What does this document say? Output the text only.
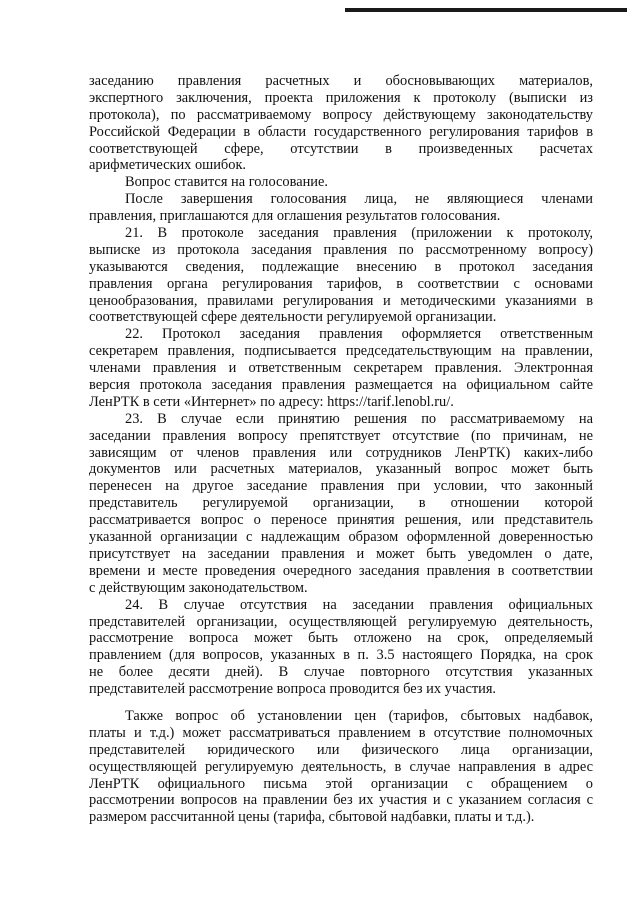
заседанию правления расчетных и обосновывающих материалов,
экспертного заключения, проекта приложения к протоколу (выписки из
протокола), по рассматриваемому вопросу действующему законодательству
Российской Федерации в области государственного регулирования тарифов в
соответствующей сфере, отсутствии в произведенных расчетах
арифметических ошибок.
Вопрос ставится на голосование.
После завершения голосования лица, не являющиеся членами
правления, приглашаются для оглашения результатов голосования.
21. В протоколе заседания правления (приложении к протоколу,
выписке из протокола заседания правления по рассмотренному вопросу)
указываются сведения, подлежащие внесению в протокол заседания
правления органа регулирования тарифов, в соответствии с основами
ценообразования, правилами регулирования и методическими указаниями в
соответствующей сфере деятельности регулируемой организации.
22. Протокол заседания правления оформляется ответственным
секретарем правления, подписывается председательствующим на правлении,
членами правления и ответственным секретарем правления. Электронная
версия протокола заседания правления размещается на официальном сайте
ЛенРТК в сети «Интернет» по адресу: https://tarif.lenobl.ru/.
23. В случае если принятию решения по рассматриваемому на
заседании правления вопросу препятствует отсутствие (по причинам, не
зависящим от членов правления или сотрудников ЛенРТК) каких-либо
документов или расчетных материалов, указанный вопрос может быть
перенесен на другое заседание правления при условии, что законный
представитель регулируемой организации, в отношении которой
рассматривается вопрос о переносе принятия решения, или представитель
указанной организации с надлежащим образом оформленной доверенностью
присутствует на заседании правления и может быть уведомлен о дате,
времени и месте проведения очередного заседания правления в соответствии
с действующим законодательством.
24. В случае отсутствия на заседании правления официальных
представителей организации, осуществляющей регулируемую деятельность,
рассмотрение вопроса может быть отложено на срок, определяемый
правлением (для вопросов, указанных в п. 3.5 настоящего Порядка, на срок
не более десяти дней). В случае повторного отсутствия указанных
представителей рассмотрение вопроса проводится без их участия.
Также вопрос об установлении цен (тарифов, сбытовых надбавок,
платы и т.д.) может рассматриваться правлением в отсутствие полномочных
представителей юридического или физического лица организации,
осуществляющей регулируемую деятельность, в случае направления в адрес
ЛенРТК официального письма этой организации с обращением о
рассмотрении вопросов на правлении без их участия и с указанием согласия с
размером рассчитанной цены (тарифа, сбытовой надбавки, платы и т.д.).
